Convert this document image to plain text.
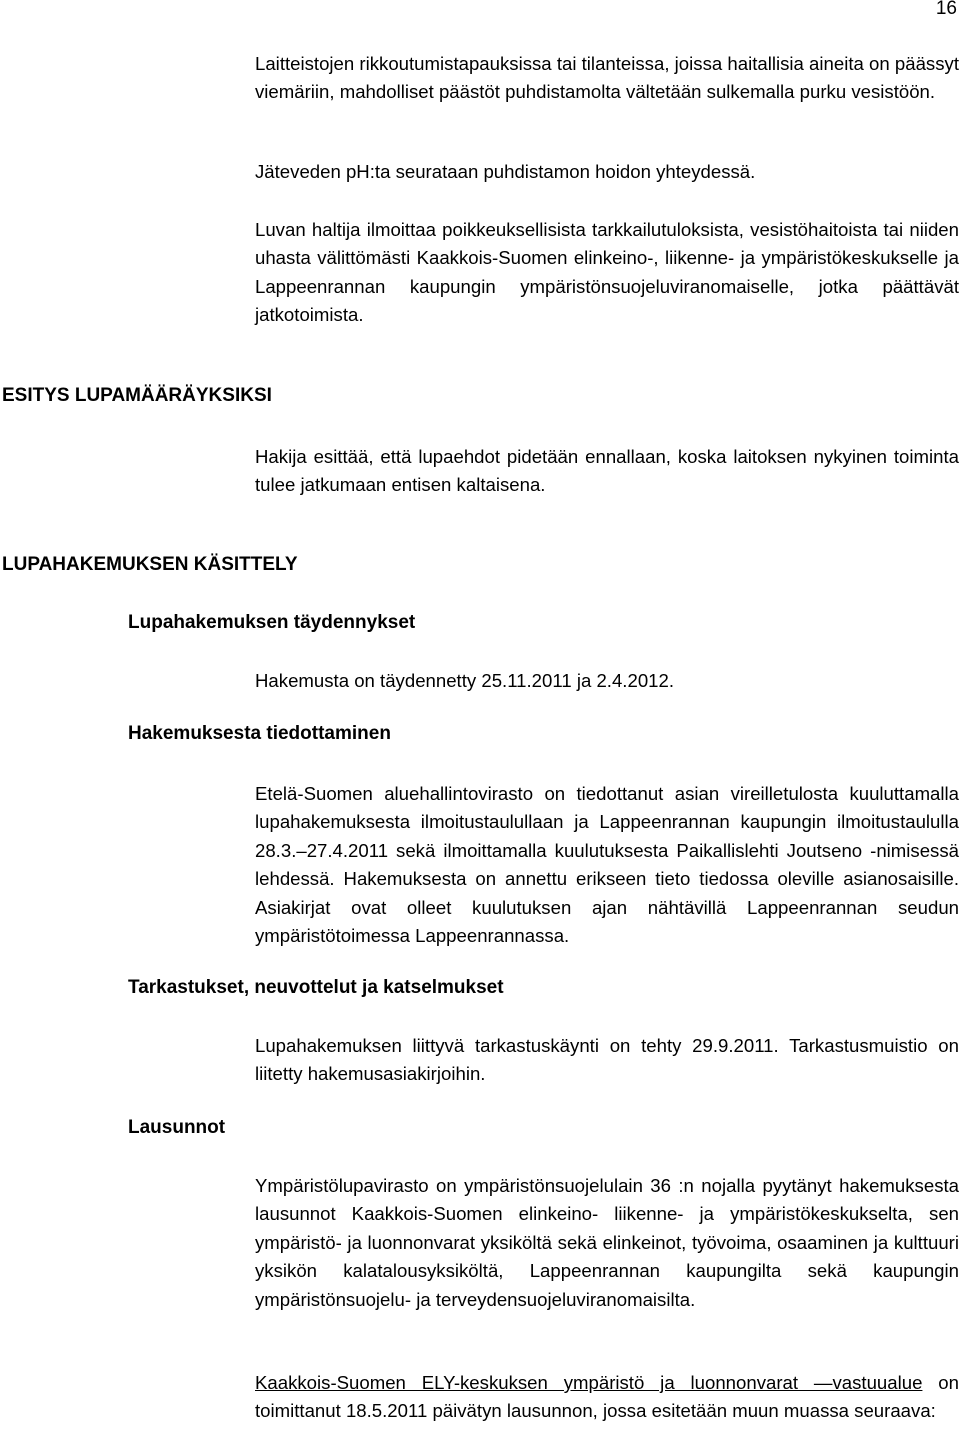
16
Laitteistojen rikkoutumistapauksissa tai tilanteissa, joissa haitallisia aineita on päässyt viemäriin, mahdolliset päästöt puhdistamolta vältetään sulkemalla purku vesistöön.
Jäteveden pH:ta seurataan puhdistamon hoidon yhteydessä.
Luvan haltija ilmoittaa poikkeuksellisista tarkkailutuloksista, vesistöhaitoista tai niiden uhasta välittömästi Kaakkois-Suomen elinkeino-, liikenne- ja ympäristökeskukselle ja Lappeenrannan kaupungin ympäristönsuojeluviranomaiselle, jotka päättävät jatkotoimista.
ESITYS LUPAMÄÄRÄYKSIKSI
Hakija esittää, että lupaehdot pidetään ennallaan, koska laitoksen nykyinen toiminta tulee jatkumaan entisen kaltaisena.
LUPAHAKEMUKSEN KÄSITTELY
Lupahakemuksen täydennykset
Hakemusta on täydennetty 25.11.2011 ja 2.4.2012.
Hakemuksesta tiedottaminen
Etelä-Suomen aluehallintovirasto on tiedottanut asian vireilletulosta kuuluttamalla lupahakemuksesta ilmoitustaulullaan ja Lappeenrannan kaupungin ilmoitustaululla 28.3.–27.4.2011 sekä ilmoittamalla kuulutuksesta Paikallislehti Joutseno -nimisessä lehdessä. Hakemuksesta on annettu erikseen tieto tiedossa oleville asianosaisille. Asiakirjat ovat olleet kuulutuksen ajan nähtävillä Lappeenrannan seudun ympäristötoimessa Lappeenrannassa.
Tarkastukset, neuvottelut ja katselmukset
Lupahakemuksen liittyvä tarkastuskäynti on tehty 29.9.2011. Tarkastusmuistio on liitetty hakemusasiakirjoihin.
Lausunnot
Ympäristölupavirasto on ympäristönsuojelulain 36 :n nojalla pyytänyt hakemuksesta lausunnot Kaakkois-Suomen elinkeino- liikenne- ja ympäristökeskukselta, sen ympäristö- ja luonnonvarat yksiköltä sekä elinkeinot, työvoima, osaaminen ja kulttuuri yksikön kalatalousyksiköltä, Lappeenrannan kaupungilta sekä kaupungin ympäristönsuojelu- ja terveydensuojeluviranomaisilta.
Kaakkois-Suomen ELY-keskuksen ympäristö ja luonnonvarat —vastuualue on toimittanut 18.5.2011 päivätyn lausunnon, jossa esitetään muun muassa seuraava:
